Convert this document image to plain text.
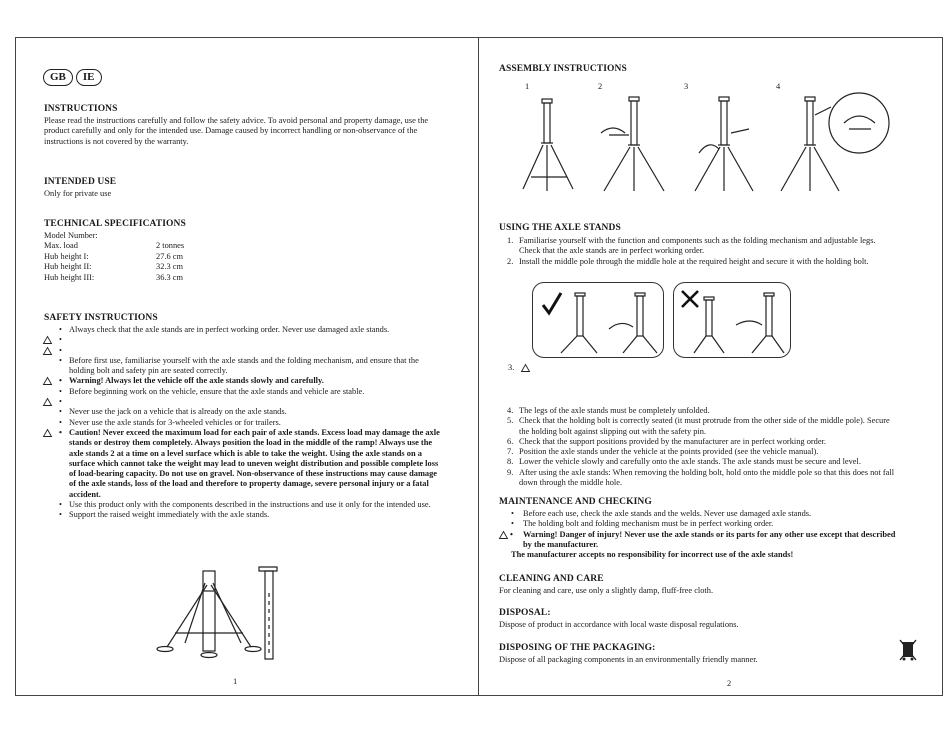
GB	IE
INSTRUCTIONS
Please read the instructions carefully and follow the safety advice. To avoid personal and property damage, use the
product carefully and only for the intended use. Damage caused by incorrect handling or non-observance of the
instructions is not covered by the warranty.
INTENDED USE
Only for private use
TECHNICAL SPECIFICATIONS
Model Number:
Max. load	2 tonnes
Hub height I:	27.6 cm
Hub height II:	32.3 cm
Hub height III:	36.3 cm
SAFETY INSTRUCTIONS
• Always check that the axle stands are in perfect working order. Never use damaged axle stands.
•
•
• Before first use, familiarise yourself with the axle stands and the folding mechanism, and ensure that the
holding bolt and safety pin are seated correctly.
• Warning! Always let the vehicle off the axle stands slowly and carefully.
• Before beginning work on the vehicle, ensure that the axle stands and vehicle are stable.
•
• Never use the jack on a vehicle that is already on the axle stands.
• Never use the axle stands for 3-wheeled vehicles or for trailers.
• Caution! Never exceed the maximum load for each pair of axle stands. Excess load may damage the axle
stands or destroy them completely. Always position the load in the middle of the ramp! Always use the
axle stands 2 at a time on a level surface which is able to take the weight. Using the axle stands on a
surface which cannot take the weight may lead to uneven weight distribution and possible complete loss
of load-bearing capacity. Do not use on gravel. Non-observance of these instructions may cause damage
of the axle stands, loss of the load and therefore to property damage, severe personal injury or a fatal
accident.
• Use this product only with the components described in the instructions and use it only for the intended use.
• Support the raised weight immediately with the axle stands.
1
ASSEMBLY INSTRUCTIONS
1	2	3	4
USING THE AXLE STANDS
1. Familiarise yourself with the function and components such as the folding mechanism and adjustable legs.
Check that the axle stands are in perfect working order.
2. Install the middle pole through the middle hole at the required height and secure it with the holding bolt.
3.
4. The legs of the axle stands must be completely unfolded.
5. Check that the holding bolt is correctly seated (it must protrude from the other side of the middle pole). Secure
the holding bolt against slipping out with the safety pin.
6. Check that the support positions provided by the manufacturer are in perfect working order.
7. Position the axle stands under the vehicle at the points provided (see the vehicle manual).
8. Lower the vehicle slowly and carefully onto the axle stands. The axle stands must be secure and level.
9. After using the axle stands: When removing the holding bolt, hold onto the middle pole so that this does not fall
down through the middle hole.
MAINTENANCE AND CHECKING
• Before each use, check the axle stands and the welds. Never use damaged axle stands.
• The holding bolt and folding mechanism must be in perfect working order.
• Warning! Danger of injury! Never use the axle stands or its parts for any other use except that described
by the manufacturer.
The manufacturer accepts no responsibility for incorrect use of the axle stands!
CLEANING AND CARE
For cleaning and care, use only a slightly damp, fluff-free cloth.
DISPOSAL:
Dispose of product in accordance with local waste disposal regulations.
DISPOSING OF THE PACKAGING:
Dispose of all packaging components in an environmentally friendly manner.
2
